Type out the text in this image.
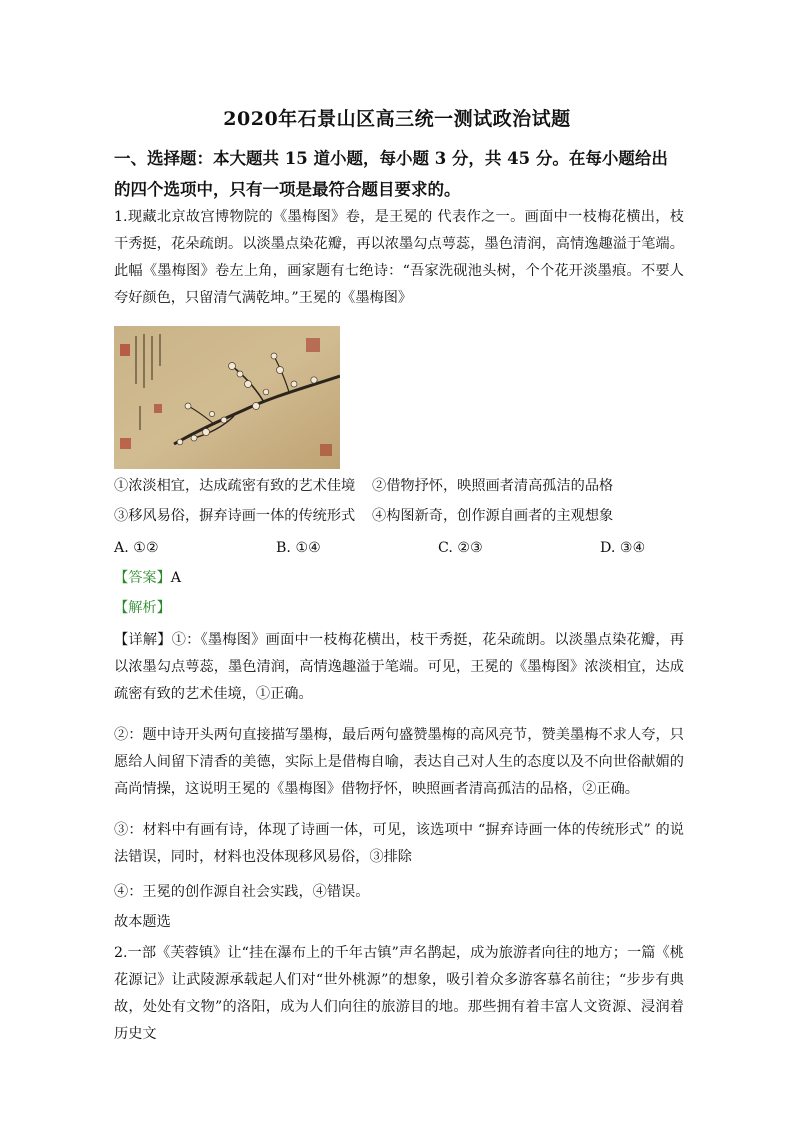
2020年石景山区高三统一测试政治试题
一、选择题：本大题共 15 道小题，每小题 3 分，共 45 分。在每小题给出的四个选项中，只有一项是最符合题目要求的。
1.现藏北京故宫博物院的《墨梅图》卷，是王冕的 代表作之一。画面中一枝梅花横出，枝干秀挺，花朵疏朗。以淡墨点染花瓣，再以浓墨勾点萼蕊，墨色清润，高情逸趣溢于笔端。此幅《墨梅图》卷左上角，画家题有七绝诗：“吾家洗砚池头树，个个花开淡墨痕。不要人夸好颜色，只留清气满乾坤。”王冕的《墨梅图》
①浓淡相宜，达成疏密有致的艺术佳境 ②借物抒怀，映照画者清高孤洁的品格
③移风易俗，摒弃诗画一体的传统形式 ④构图新奇，创作源自画者的主观想象
A. ①②	B. ①④	C. ②③	D. ③④
【答案】A
【解析】
【详解】①：《墨梅图》画面中一枝梅花横出，枝干秀挺，花朵疏朗。以淡墨点染花瓣，再以浓墨勾点萼蕊，墨色清润，高情逸趣溢于笔端。可见，王冕的《墨梅图》浓淡相宜，达成疏密有致的艺术佳境，①正确。
②：题中诗开头两句直接描写墨梅，最后两句盛赞墨梅的高风亮节，赞美墨梅不求人夸，只愿给人间留下清香的美德，实际上是借梅自喻，表达自己对人生的态度以及不向世俗献媚的高尚情操，这说明王冕的《墨梅图》借物抒怀，映照画者清高孤洁的品格，②正确。
③：材料中有画有诗，体现了诗画一体，可见，该选项中 “摒弃诗画一体的传统形式” 的说法错误，同时，材料也没体现移风易俗，③排除
④：王冕的创作源自社会实践，④错误。
故本题选
2.一部《芙蓉镇》让“挂在瀑布上的千年古镇”声名鹊起，成为旅游者向往的地方；一篇《桃花源记》让武陵源承载起人们对“世外桃源”的想象，吸引着众多游客慕名前往；“步步有典故，处处有文物”的洛阳，成为人们向往的旅游目的地。那些拥有着丰富人文资源、浸润着历史文
